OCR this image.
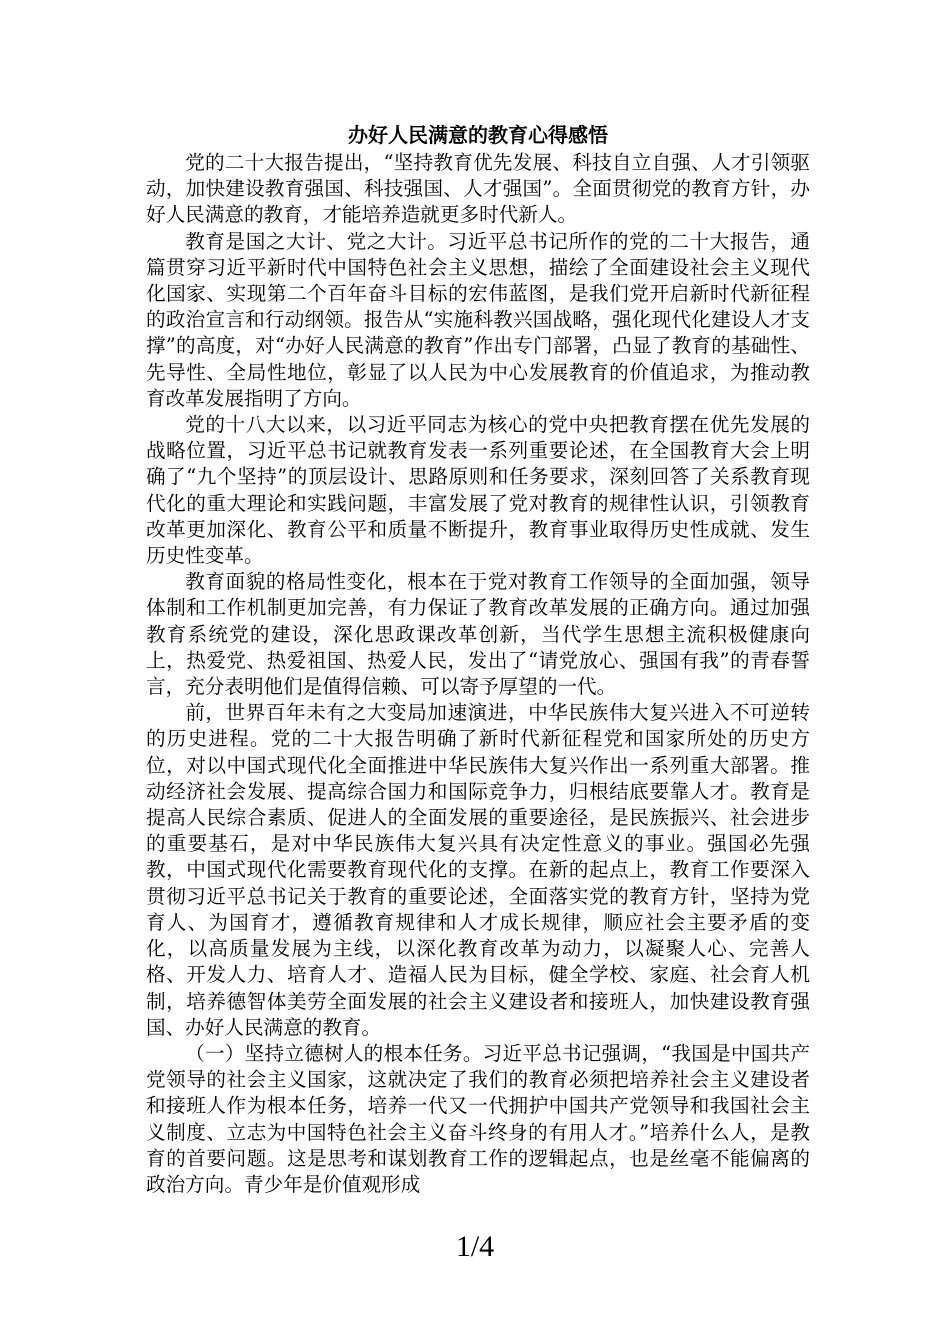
办好人民满意的教育心得感悟

党的二十大报告提出，“坚持教育优先发展、科技自立自强、人才引领驱动，加快建设教育强国、科技强国、人才强国”。全面贯彻党的教育方针，办好人民满意的教育，才能培养造就更多时代新人。

教育是国之大计、党之大计。习近平总书记所作的党的二十大报告，通篇贯穿习近平新时代中国特色社会主义思想，描绘了全面建设社会主义现代化国家、实现第二个百年奋斗目标的宏伟蓝图，是我们党开启新时代新征程的政治宣言和行动纲领。报告从“实施科教兴国战略，强化现代化建设人才支撑”的高度，对“办好人民满意的教育”作出专门部署，凸显了教育的基础性、先导性、全局性地位，彰显了以人民为中心发展教育的价值追求，为推动教育改革发展指明了方向。

党的十八大以来，以习近平同志为核心的党中央把教育摆在优先发展的战略位置，习近平总书记就教育发表一系列重要论述，在全国教育大会上明确了“九个坚持”的顶层设计、思路原则和任务要求，深刻回答了关系教育现代化的重大理论和实践问题，丰富发展了党对教育的规律性认识，引领教育改革更加深化、教育公平和质量不断提升，教育事业取得历史性成就、发生历史性变革。

教育面貌的格局性变化，根本在于党对教育工作领导的全面加强，领导体制和工作机制更加完善，有力保证了教育改革发展的正确方向。通过加强教育系统党的建设，深化思政课改革创新，当代学生思想主流积极健康向上，热爱党、热爱祖国、热爱人民，发出了“请党放心、强国有我”的青春誓言，充分表明他们是值得信赖、可以寄予厚望的一代。

前，世界百年未有之大变局加速演进，中华民族伟大复兴进入不可逆转的历史进程。党的二十大报告明确了新时代新征程党和国家所处的历史方位，对以中国式现代化全面推进中华民族伟大复兴作出一系列重大部署。推动经济社会发展、提高综合国力和国际竞争力，归根结底要靠人才。教育是提高人民综合素质、促进人的全面发展的重要途径，是民族振兴、社会进步的重要基石，是对中华民族伟大复兴具有决定性意义的事业。强国必先强教，中国式现代化需要教育现代化的支撑。在新的起点上，教育工作要深入贯彻习近平总书记关于教育的重要论述，全面落实党的教育方针，坚持为党育人、为国育才，遵循教育规律和人才成长规律，顺应社会主要矛盾的变化，以高质量发展为主线，以深化教育改革为动力，以凝聚人心、完善人格、开发人力、培育人才、造福人民为目标，健全学校、家庭、社会育人机制，培养德智体美劳全面发展的社会主义建设者和接班人，加快建设教育强国、办好人民满意的教育。

（一）坚持立德树人的根本任务。习近平总书记强调，“我国是中国共产党领导的社会主义国家，这就决定了我们的教育必须把培养社会主义建设者和接班人作为根本任务，培养一代又一代拥护中国共产党领导和我国社会主义制度、立志为中国特色社会主义奋斗终身的有用人才。”培养什么人，是教育的首要问题。这是思考和谋划教育工作的逻辑起点，也是丝毫不能偏离的政治方向。青少年是价值观形成

1/4
